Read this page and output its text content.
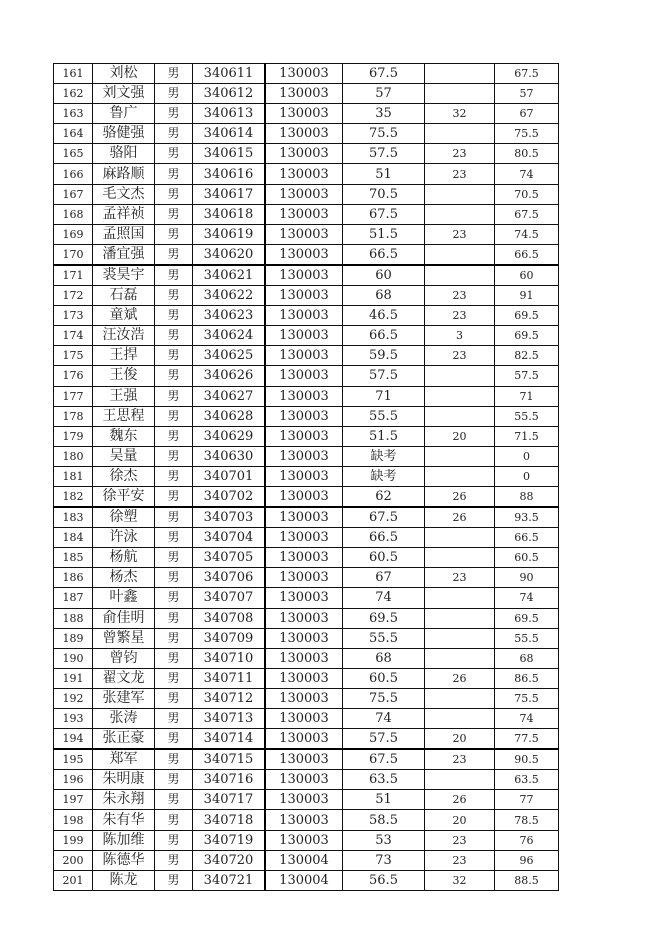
161	刘松	男	340611	130003	67.5		67.5
162	刘文强	男	340612	130003	57		57
163	鲁广	男	340613	130003	35	32	67
164	骆健强	男	340614	130003	75.5		75.5
165	骆阳	男	340615	130003	57.5	23	80.5
166	麻路顺	男	340616	130003	51	23	74
167	毛文杰	男	340617	130003	70.5		70.5
168	孟祥祯	男	340618	130003	67.5		67.5
169	孟照国	男	340619	130003	51.5	23	74.5
170	潘宜强	男	340620	130003	66.5		66.5
171	裘昊宇	男	340621	130003	60		60
172	石磊	男	340622	130003	68	23	91
173	童斌	男	340623	130003	46.5	23	69.5
174	汪汝浩	男	340624	130003	66.5	3	69.5
175	王捍	男	340625	130003	59.5	23	82.5
176	王俊	男	340626	130003	57.5		57.5
177	王强	男	340627	130003	71		71
178	王思程	男	340628	130003	55.5		55.5
179	魏东	男	340629	130003	51.5	20	71.5
180	吴量	男	340630	130003	缺考		0
181	徐杰	男	340701	130003	缺考		0
182	徐平安	男	340702	130003	62	26	88
183	徐塑	男	340703	130003	67.5	26	93.5
184	许泳	男	340704	130003	66.5		66.5
185	杨航	男	340705	130003	60.5		60.5
186	杨杰	男	340706	130003	67	23	90
187	叶鑫	男	340707	130003	74		74
188	俞佳明	男	340708	130003	69.5		69.5
189	曾繁星	男	340709	130003	55.5		55.5
190	曾钧	男	340710	130003	68		68
191	翟文龙	男	340711	130003	60.5	26	86.5
192	张建军	男	340712	130003	75.5		75.5
193	张涛	男	340713	130003	74		74
194	张正豪	男	340714	130003	57.5	20	77.5
195	郑军	男	340715	130003	67.5	23	90.5
196	朱明康	男	340716	130003	63.5		63.5
197	朱永翔	男	340717	130003	51	26	77
198	朱有华	男	340718	130003	58.5	20	78.5
199	陈加维	男	340719	130003	53	23	76
200	陈德华	男	340720	130004	73	23	96
201	陈龙	男	340721	130004	56.5	32	88.5
